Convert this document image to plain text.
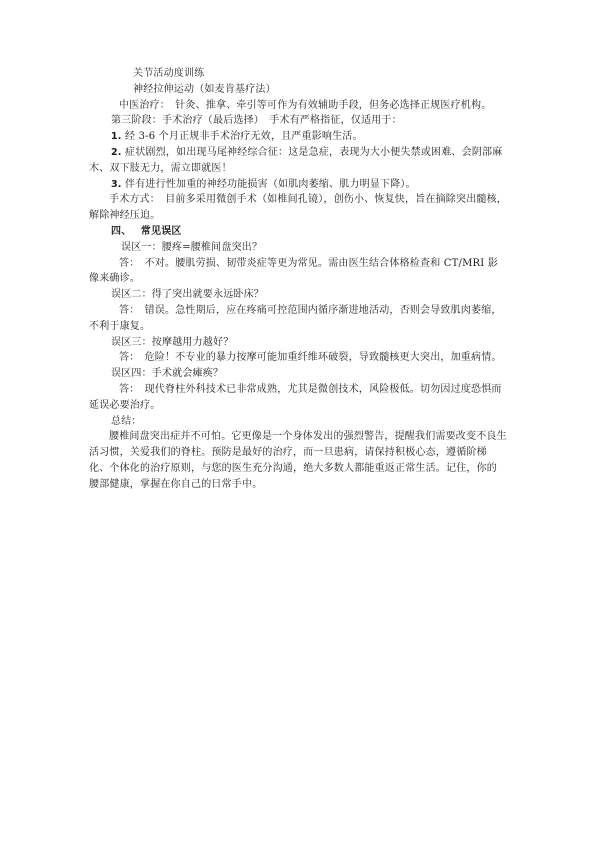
关节活动度训练

神经拉伸运动（如麦肯基疗法）

中医治疗：　针灸、推拿、牵引等可作为有效辅助手段，但务必选择正规医疗机构。

第三阶段：手术治疗（最后选择）　手术有严格指征，仅适用于：

1. 经 3-6 个月正规非手术治疗无效，且严重影响生活。

2. 症状剧烈，如出现马尾神经综合征：这是急症，表现为大小便失禁或困难、会阴部麻木、双下肢无力，需立即就医！

3. 伴有进行性加重的神经功能损害（如肌肉萎缩、肌力明显下降）。

手术方式：　目前多采用微创手术（如椎间孔镜），创伤小、恢复快，旨在摘除突出髓核，解除神经压迫。

四、 常见误区

误区一：腰疼=腰椎间盘突出？

答：　不对。腰肌劳损、韧带炎症等更为常见。需由医生结合体格检查和 CT/MRI 影像来确诊。

误区二：得了突出就要永远卧床？

答：　错误。急性期后，应在疼痛可控范围内循序渐进地活动，否则会导致肌肉萎缩，不利于康复。

误区三：按摩越用力越好？

答：　危险！不专业的暴力按摩可能加重纤维环破裂，导致髓核更大突出，加重病情。

误区四：手术就会瘫痪？

答：　现代脊柱外科技术已非常成熟，尤其是微创技术，风险极低。切勿因过度恐惧而延误必要治疗。

总结：

腰椎间盘突出症并不可怕。它更像是一个身体发出的强烈警告，提醒我们需要改变不良生活习惯，关爱我们的脊柱。预防是最好的治疗，而一旦患病，请保持积极心态，遵循阶梯化、个体化的治疗原则，与您的医生充分沟通，绝大多数人都能重返正常生活。记住，你的腰部健康，掌握在你自己的日常手中。
